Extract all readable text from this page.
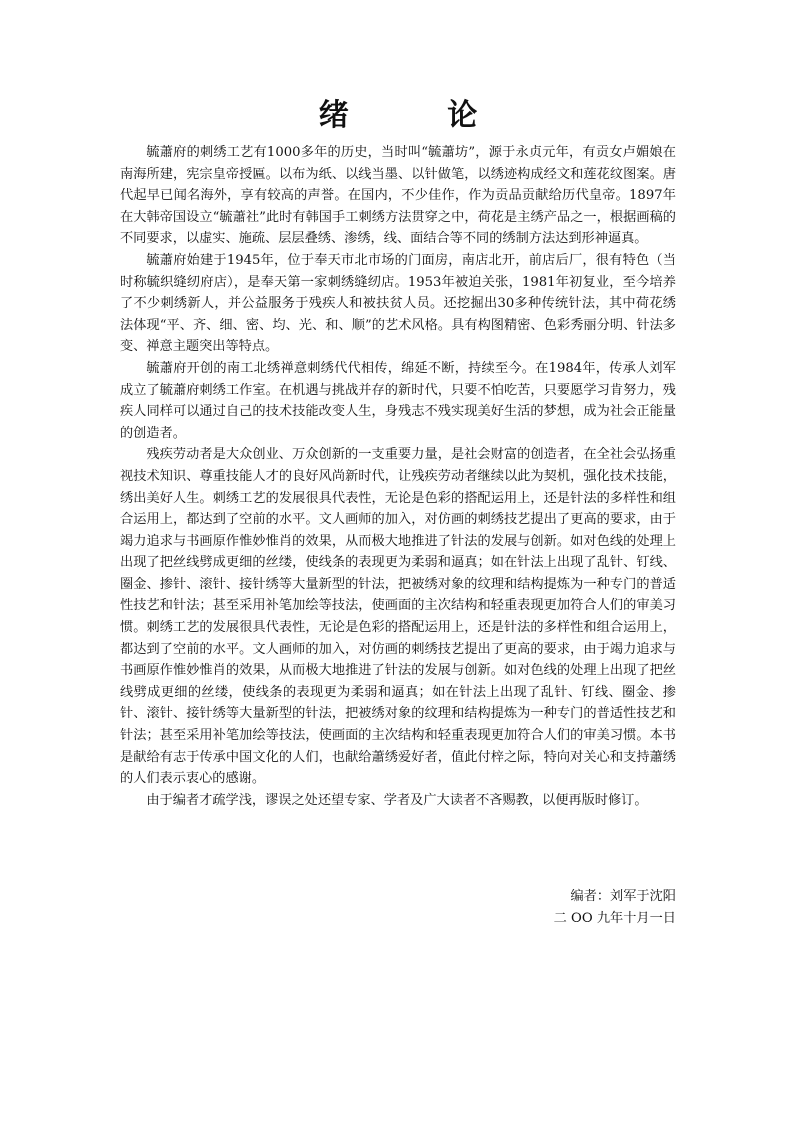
绪 论

毓蕭府的刺绣工艺有1000多年的历史，当时叫“毓蕭坊”，源于永贞元年，有贡女卢媚娘在南海所建，宪宗皇帝授匾。以布为纸、以线当墨、以针做笔，以绣迹构成经文和莲花纹图案。唐代起早已闻名海外，享有较高的声誉。在国内，不少佳作，作为贡品贡献给历代皇帝。1897年在大韩帝国设立“毓蕭社”此时有韩国手工刺绣方法贯穿之中，荷花是主绣产品之一，根据画稿的不同要求，以虚实、施疏、层层叠绣、渗绣，线、面结合等不同的绣制方法达到形神逼真。

毓蕭府始建于1945年，位于奉天市北市场的门面房，南店北开，前店后厂，很有特色（当时称毓织缝纫府店），是奉天第一家刺绣缝纫店。1953年被迫关张，1981年初复业，至今培养了不少刺绣新人，并公益服务于残疾人和被扶贫人员。还挖掘出30多种传统针法，其中荷花绣法体现“平、齐、细、密、均、光、和、顺”的艺术风格。具有构图精密、色彩秀丽分明、针法多变、禅意主题突出等特点。

毓蕭府开创的南工北绣禅意刺绣代代相传，绵延不断，持续至今。在1984年，传承人刘军成立了毓蕭府刺绣工作室。在机遇与挑战并存的新时代，只要不怕吃苦，只要愿学习肯努力，残疾人同样可以通过自己的技术技能改变人生，身残志不残实现美好生活的梦想，成为社会正能量的创造者。

残疾劳动者是大众创业、万众创新的一支重要力量，是社会财富的创造者，在全社会弘扬重视技术知识、尊重技能人才的良好风尚新时代，让残疾劳动者继续以此为契机，强化技术技能，绣出美好人生。刺绣工艺的发展很具代表性，无论是色彩的搭配运用上，还是针法的多样性和组合运用上，都达到了空前的水平。文人画师的加入，对仿画的刺绣技艺提出了更高的要求，由于竭力追求与书画原作惟妙惟肖的效果，从而极大地推进了针法的发展与创新。如对色线的处理上出现了把丝线劈成更细的丝缕，使线条的表现更为柔弱和逼真；如在针法上出现了乱针、钉线、圈金、掺针、滚针、接针绣等大量新型的针法，把被绣对象的纹理和结构提炼为一种专门的普适性技艺和针法；甚至采用补笔加绘等技法，使画面的主次结构和轻重表现更加符合人们的审美习惯。刺绣工艺的发展很具代表性，无论是色彩的搭配运用上，还是针法的多样性和组合运用上，都达到了空前的水平。文人画师的加入，对仿画的刺绣技艺提出了更高的要求，由于竭力追求与书画原作惟妙惟肖的效果，从而极大地推进了针法的发展与创新。如对色线的处理上出现了把丝线劈成更细的丝缕，使线条的表现更为柔弱和逼真；如在针法上出现了乱针、钉线、圈金、掺针、滚针、接针绣等大量新型的针法，把被绣对象的纹理和结构提炼为一种专门的普适性技艺和针法；甚至采用补笔加绘等技法，使画面的主次结构和轻重表现更加符合人们的审美习惯。本书是献给有志于传承中国文化的人们，也献给蕭绣爱好者，值此付梓之际，特向对关心和支持蕭绣的人们表示衷心的感谢。

由于编者才疏学浅，谬误之处还望专家、学者及广大读者不吝赐教，以便再版时修订。

编者：刘军于沈阳
二 OO 九年十月一日
